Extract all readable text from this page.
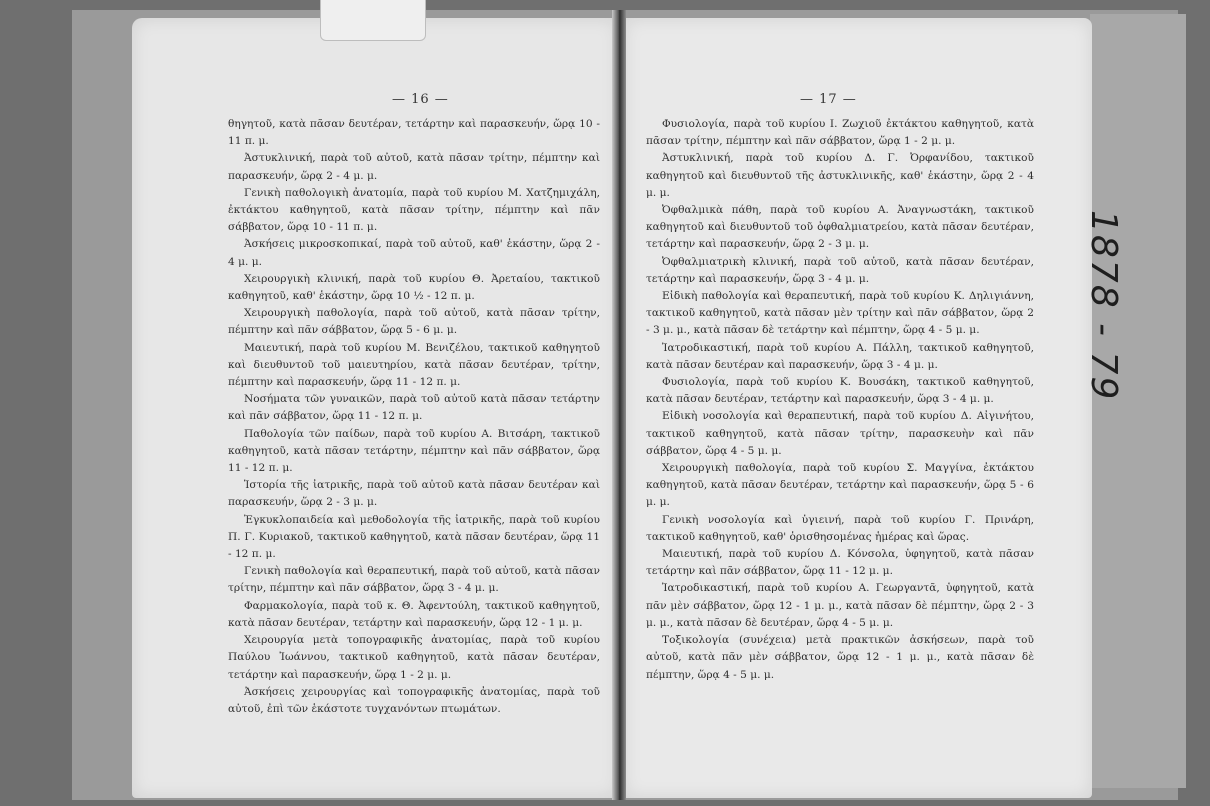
— 16 —

θηγητοῦ, κατὰ πᾶσαν δευτέραν, τετάρτην καὶ παρασκευήν, ὥρᾳ 10 - 11 π. μ.

Ἀστυκλινική, παρὰ τοῦ αὐτοῦ, κατὰ πᾶσαν τρίτην, πέμπτην καὶ παρασκευήν, ὥρᾳ 2 - 4 μ. μ.

Γενικὴ παθολογικὴ ἀνατομία, παρὰ τοῦ κυρίου Μ. Χατζημιχάλη, ἐκτάκτου καθηγητοῦ, κατὰ πᾶσαν τρίτην, πέμπτην καὶ πᾶν σάββατον, ὥρᾳ 10 - 11 π. μ.

Ἀσκήσεις μικροσκοπικαί, παρὰ τοῦ αὐτοῦ, καθ' ἑκάστην, ὥρᾳ 2 - 4 μ. μ.

Χειρουργικὴ κλινική, παρὰ τοῦ κυρίου Θ. Ἀρεταίου, τακτικοῦ καθηγητοῦ, καθ' ἑκάστην, ὥρᾳ 10 ½ - 12 π. μ.

Χειρουργικὴ παθολογία, παρὰ τοῦ αὐτοῦ, κατὰ πᾶσαν τρίτην, πέμπτην καὶ πᾶν σάββατον, ὥρᾳ 5 - 6 μ. μ.

Μαιευτική, παρὰ τοῦ κυρίου Μ. Βενιζέλου, τακτικοῦ καθηγητοῦ καὶ διευθυντοῦ τοῦ μαιευτηρίου, κατὰ πᾶσαν δευτέραν, τρίτην, πέμπτην καὶ παρασκευήν, ὥρᾳ 11 - 12 π. μ.

Νοσήματα τῶν γυναικῶν, παρὰ τοῦ αὐτοῦ κατὰ πᾶσαν τετάρτην καὶ πᾶν σάββατον, ὥρᾳ 11 - 12 π. μ.

Παθολογία τῶν παίδων, παρὰ τοῦ κυρίου Α. Βιτσάρη, τακτικοῦ καθηγητοῦ, κατὰ πᾶσαν τετάρτην, πέμπτην καὶ πᾶν σάββατον, ὥρᾳ 11 - 12 π. μ.

Ἱστορία τῆς ἰατρικῆς, παρὰ τοῦ αὐτοῦ κατὰ πᾶσαν δευτέραν καὶ παρασκευήν, ὥρᾳ 2 - 3 μ. μ.

Ἐγκυκλοπαιδεία καὶ μεθοδολογία τῆς ἰατρικῆς, παρὰ τοῦ κυρίου Π. Γ. Κυριακοῦ, τακτικοῦ καθηγητοῦ, κατὰ πᾶσαν δευτέραν, ὥρᾳ 11 - 12 π. μ.

Γενικὴ παθολογία καὶ θεραπευτική, παρὰ τοῦ αὐτοῦ, κατὰ πᾶσαν τρίτην, πέμπτην καὶ πᾶν σάββατον, ὥρᾳ 3 - 4 μ. μ.

Φαρμακολογία, παρὰ τοῦ κ. Θ. Ἀφεντούλη, τακτικοῦ καθηγητοῦ, κατὰ πᾶσαν δευτέραν, τετάρτην καὶ παρασκευήν, ὥρᾳ 12 - 1 μ. μ.

Χειρουργία μετὰ τοπογραφικῆς ἀνατομίας, παρὰ τοῦ κυρίου Παύλου Ἰωάννου, τακτικοῦ καθηγητοῦ, κατὰ πᾶσαν δευτέραν, τετάρτην καὶ παρασκευήν, ὥρᾳ 1 - 2 μ. μ.

Ἀσκήσεις χειρουργίας καὶ τοπογραφικῆς ἀνατομίας, παρὰ τοῦ αὐτοῦ, ἐπὶ τῶν ἑκάστοτε τυγχανόντων πτωμάτων.

— 17 —

Φυσιολογία, παρὰ τοῦ κυρίου Ι. Ζωχιοῦ ἐκτάκτου καθηγητοῦ, κατὰ πᾶσαν τρίτην, πέμπτην καὶ πᾶν σάββατον, ὥρᾳ 1 - 2 μ. μ.

Ἀστυκλινική, παρὰ τοῦ κυρίου Δ. Γ. Ὀρφανίδου, τακτικοῦ καθηγητοῦ καὶ διευθυντοῦ τῆς ἀστυκλινικῆς, καθ' ἑκάστην, ὥρᾳ 2 - 4 μ. μ.

Ὀφθαλμικὰ πάθη, παρὰ τοῦ κυρίου Α. Ἀναγνωστάκη, τακτικοῦ καθηγητοῦ καὶ διευθυντοῦ τοῦ ὀφθαλμιατρείου, κατὰ πᾶσαν δευτέραν, τετάρτην καὶ παρασκευήν, ὥρᾳ 2 - 3 μ. μ.

Ὀφθαλμιατρικὴ κλινική, παρὰ τοῦ αὐτοῦ, κατὰ πᾶσαν δευτέραν, τετάρτην καὶ παρασκευήν, ὥρᾳ 3 - 4 μ. μ.

Εἰδικὴ παθολογία καὶ θεραπευτική, παρὰ τοῦ κυρίου Κ. Δηλιγιάννη, τακτικοῦ καθηγητοῦ, κατὰ πᾶσαν μὲν τρίτην καὶ πᾶν σάββατον, ὥρᾳ 2 - 3 μ. μ., κατὰ πᾶσαν δὲ τετάρτην καὶ πέμπτην, ὥρᾳ 4 - 5 μ. μ.

Ἰατροδικαστική, παρὰ τοῦ κυρίου Α. Πάλλη, τακτικοῦ καθηγητοῦ, κατὰ πᾶσαν δευτέραν καὶ παρασκευήν, ὥρᾳ 3 - 4 μ. μ.

Φυσιολογία, παρὰ τοῦ κυρίου Κ. Βουσάκη, τακτικοῦ καθηγητοῦ, κατὰ πᾶσαν δευτέραν, τετάρτην καὶ παρασκευήν, ὥρᾳ 3 - 4 μ. μ.

Εἰδικὴ νοσολογία καὶ θεραπευτική, παρὰ τοῦ κυρίου Δ. Αἰγινήτου, τακτικοῦ καθηγητοῦ, κατὰ πᾶσαν τρίτην, παρασκευὴν καὶ πᾶν σάββατον, ὥρᾳ 4 - 5 μ. μ.

Χειρουργικὴ παθολογία, παρὰ τοῦ κυρίου Σ. Μαγγίνα, ἐκτάκτου καθηγητοῦ, κατὰ πᾶσαν δευτέραν, τετάρτην καὶ παρασκευήν, ὥρᾳ 5 - 6 μ. μ.

Γενικὴ νοσολογία καὶ ὑγιεινή, παρὰ τοῦ κυρίου Γ. Πρινάρη, τακτικοῦ καθηγητοῦ, καθ' ὁρισθησομένας ἡμέρας καὶ ὥρας.

Μαιευτική, παρὰ τοῦ κυρίου Δ. Κόνσολα, ὑφηγητοῦ, κατὰ πᾶσαν τετάρτην καὶ πᾶν σάββατον, ὥρᾳ 11 - 12 μ. μ.

Ἰατροδικαστική, παρὰ τοῦ κυρίου Α. Γεωργαντᾶ, ὑφηγητοῦ, κατὰ πᾶν μὲν σάββατον, ὥρᾳ 12 - 1 μ. μ., κατὰ πᾶσαν δὲ πέμπτην, ὥρᾳ 2 - 3 μ. μ., κατὰ πᾶσαν δὲ δευτέραν, ὥρᾳ 4 - 5 μ. μ.

Τοξικολογία (συνέχεια) μετὰ πρακτικῶν ἀσκήσεων, παρὰ τοῦ αὐτοῦ, κατὰ πᾶν μὲν σάββατον, ὥρᾳ 12 - 1 μ. μ., κατὰ πᾶσαν δὲ πέμπτην, ὥρᾳ 4 - 5 μ. μ.

1878 - 79
